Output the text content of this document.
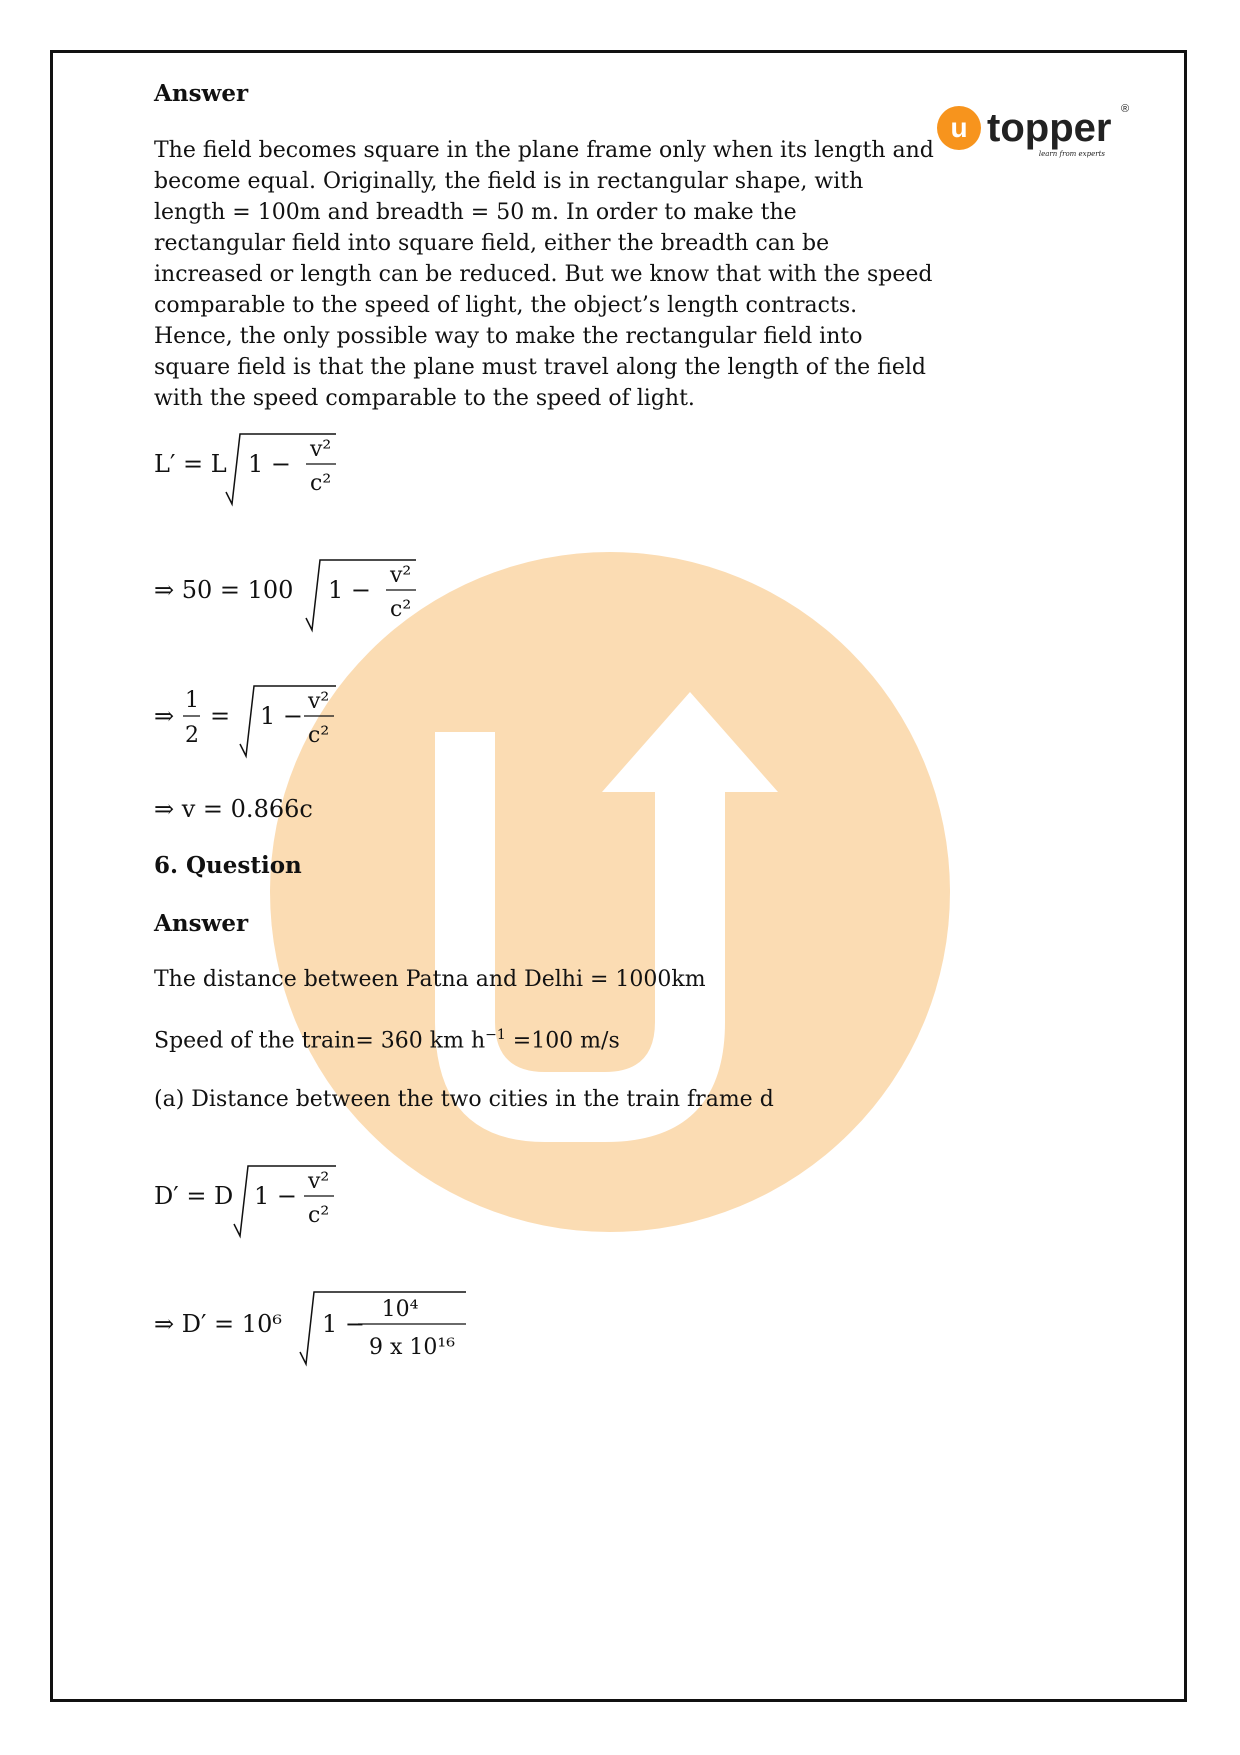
u topper ®
learn from experts
Answer

The field becomes square in the plane frame only when its length and become equal. Originally, the field is in rectangular shape, with length = 100m and breadth = 50 m. In order to make the rectangular field into square field, either the breadth can be increased or length can be reduced. But we know that with the speed comparable to the speed of light, the object’s length contracts. Hence, the only possible way to make the rectangular field into square field is that the plane must travel along the length of the field with the speed comparable to the speed of light.

L′ = L 1 −
v²
c²
⇒ 50 = 100 1 −
v²
c²
⇒
1
2
= 1 −
v²
c²
⇒ v = 0.866c
6. Question
Answer
The distance between Patna and Delhi = 1000km
Speed of the train= 360 km $h^{-1} =100$ m/s
(a) Distance between the two cities in the train frame d
D′ = D 1 −
v²
c²
⇒ D′ = 10⁶ 1 −
10⁴
9 x 10¹⁶
